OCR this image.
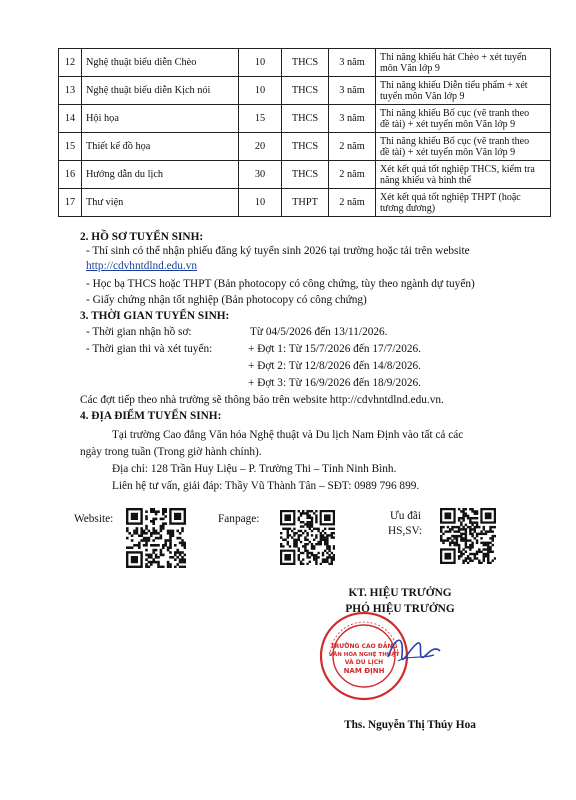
12	Nghệ thuật biểu diễn Chèo	10	THCS	3 năm	Thi năng khiếu hát Chèo + xét tuyển
môn Văn lớp 9

13	Nghệ thuật biểu diễn Kịch nói	10	THCS	3 năm	Thi năng khiếu Diễn tiểu phẩm + xét
tuyển môn Văn lớp 9

14	Hội họa	15	THCS	3 năm	Thi năng khiếu Bố cục (vẽ tranh theo
đề tài) + xét tuyển môn Văn lớp 9

15	Thiết kế đồ họa	20	THCS	2 năm	Thi năng khiếu Bố cục (vẽ tranh theo
đề tài) + xét tuyển môn Văn lớp 9

16	Hướng dẫn du lịch	30	THCS	2 năm	Xét kết quả tốt nghiệp THCS, kiểm tra
năng khiếu và hình thể

17	Thư viện	10	THPT	2 năm	Xét kết quả tốt nghiệp THPT (hoặc
tương đương)
2. HỒ SƠ TUYỂN SINH:
- Thí sinh có thể nhận phiếu đăng ký tuyển sinh 2026 tại trường hoặc tải trên website
http://cdvhntdlnd.edu.vn
- Học bạ THCS hoặc THPT (Bản photocopy có công chứng, tùy theo ngành dự tuyển)
- Giấy chứng nhận tốt nghiệp (Bản photocopy có công chứng)
3. THỜI GIAN TUYỂN SINH:
- Thời gian nhận hồ sơ:	Từ 04/5/2026 đến 13/11/2026.
- Thời gian thi và xét tuyển:	+ Đợt 1: Từ 15/7/2026 đến 17/7/2026.
+ Đợt 2: Từ 12/8/2026 đến 14/8/2026.
+ Đợt 3: Từ 16/9/2026 đến 18/9/2026.
Các đợt tiếp theo nhà trường sẽ thông báo trên website http://cdvhntdlnd.edu.vn.
4. ĐỊA ĐIỂM TUYỂN SINH:
Tại trường Cao đẳng Văn hóa Nghệ thuật và Du lịch Nam Định vào tất cả các
ngày trong tuần (Trong giờ hành chính).
Địa chỉ: 128 Trần Huy Liệu – P. Trường Thi – Tỉnh Ninh Bình.
Liên hệ tư vấn, giải đáp: Thầy Vũ Thành Tân – SĐT: 0989 796 899.
Website:	Fanpage:	Ưu đãi
HS,SV:
KT. HIỆU TRƯỞNG
PHÓ HIỆU TRƯỞNG
TRƯỜNG CAO ĐẲNG
VĂN HÓA NGHỆ THUẬT
VÀ DU LỊCH
NAM ĐỊNH
Ths. Nguyễn Thị Thúy Hoa
